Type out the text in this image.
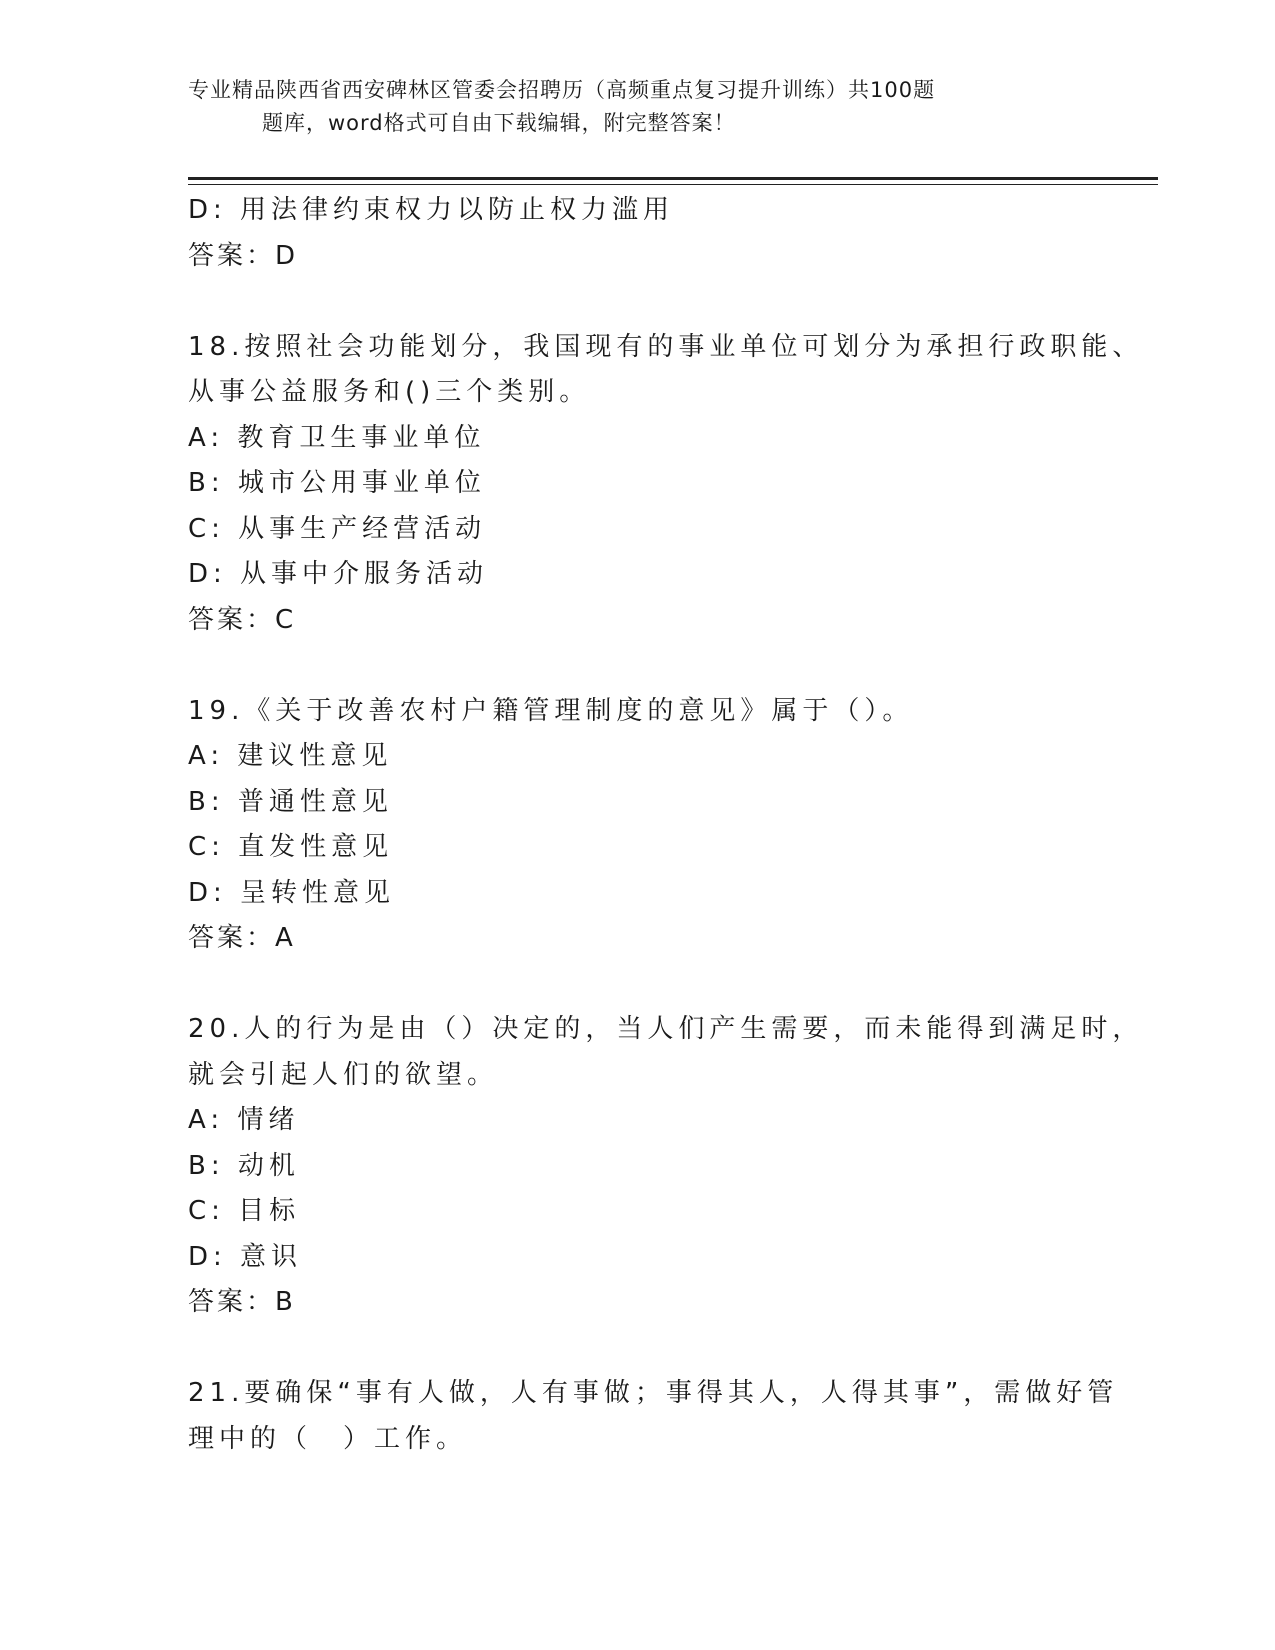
专业精品陕西省西安碑林区管委会招聘历（高频重点复习提升训练）共100题
题库，word格式可自由下载编辑，附完整答案！
D: 用法律约束权力以防止权力滥用
答案：D
18.按照社会功能划分，我国现有的事业单位可划分为承担行政职能、
从事公益服务和()三个类别。
A: 教育卫生事业单位
B: 城市公用事业单位
C: 从事生产经营活动
D: 从事中介服务活动
答案：C
19.《关于改善农村户籍管理制度的意见》属于（）。
A: 建议性意见
B: 普通性意见
C: 直发性意见
D: 呈转性意见
答案：A
20.人的行为是由（）决定的，当人们产生需要，而未能得到满足时，
就会引起人们的欲望。
A: 情绪
B: 动机
C: 目标
D: 意识
答案：B
21.要确保“事有人做，人有事做；事得其人，人得其事”，需做好管
理中的（　）工作。
